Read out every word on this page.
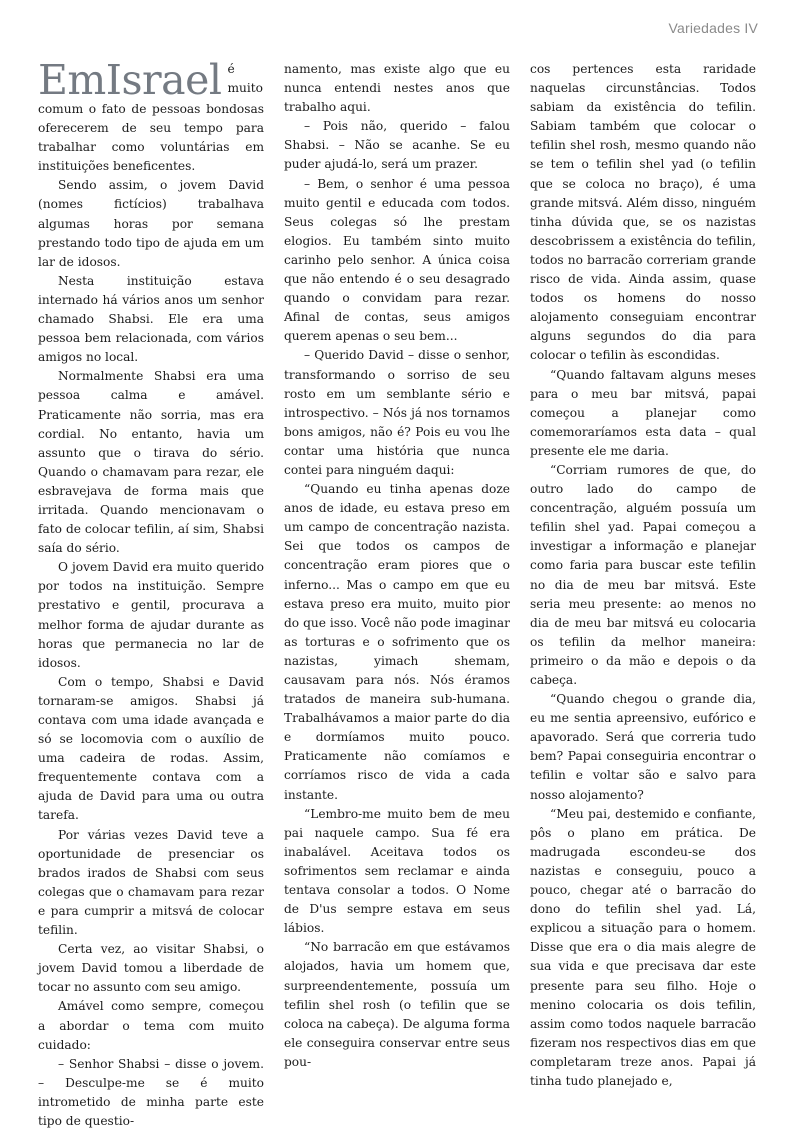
Variedades IV

EmIsrael é muito comum o fato de pessoas bondosas oferecerem de seu tempo para trabalhar como voluntárias em instituições beneficentes.

Sendo assim, o jovem David (nomes fictícios) trabalhava algumas horas por semana prestando todo tipo de ajuda em um lar de idosos.

Nesta instituição estava internado há vários anos um senhor chamado Shabsi. Ele era uma pessoa bem relacionada, com vários amigos no local.

Normalmente Shabsi era uma pessoa calma e amável. Praticamente não sorria, mas era cordial. No entanto, havia um assunto que o tirava do sério. Quando o chamavam para rezar, ele esbravejava de forma mais que irritada. Quando mencionavam o fato de colocar tefilin, aí sim, Shabsi saía do sério.

O jovem David era muito querido por todos na instituição. Sempre prestativo e gentil, procurava a melhor forma de ajudar durante as horas que permanecia no lar de idosos.

Com o tempo, Shabsi e David tornaram-se amigos. Shabsi já contava com uma idade avançada e só se locomovia com o auxílio de uma cadeira de rodas. Assim, frequentemente contava com a ajuda de David para uma ou outra tarefa.

Por várias vezes David teve a oportunidade de presenciar os brados irados de Shabsi com seus colegas que o chamavam para rezar e para cumprir a mitsvá de colocar tefilin.

Certa vez, ao visitar Shabsi, o jovem David tomou a liberdade de tocar no assunto com seu amigo.

Amável como sempre, começou a abordar o tema com muito cuidado:

– Senhor Shabsi – disse o jovem. – Desculpe-me se é muito intrometido de minha parte este tipo de questio-

namento, mas existe algo que eu nunca entendi nestes anos que trabalho aqui.

– Pois não, querido – falou Shabsi. – Não se acanhe. Se eu puder ajudá-lo, será um prazer.

– Bem, o senhor é uma pessoa muito gentil e educada com todos. Seus colegas só lhe prestam elogios. Eu também sinto muito carinho pelo senhor. A única coisa que não entendo é o seu desagrado quando o convidam para rezar. Afinal de contas, seus amigos querem apenas o seu bem...

– Querido David – disse o senhor, transformando o sorriso de seu rosto em um semblante sério e introspectivo. – Nós já nos tornamos bons amigos, não é? Pois eu vou lhe contar uma história que nunca contei para ninguém daqui:

“Quando eu tinha apenas doze anos de idade, eu estava preso em um campo de concentração nazista. Sei que todos os campos de concentração eram piores que o inferno... Mas o campo em que eu estava preso era muito, muito pior do que isso. Você não pode imaginar as torturas e o sofrimento que os nazistas, yimach shemam, causavam para nós. Nós éramos tratados de maneira sub-humana. Trabalhávamos a maior parte do dia e dormíamos muito pouco. Praticamente não comíamos e corríamos risco de vida a cada instante.

“Lembro-me muito bem de meu pai naquele campo. Sua fé era inabalável. Aceitava todos os sofrimentos sem reclamar e ainda tentava consolar a todos. O Nome de D'us sempre estava em seus lábios.

“No barracão em que estávamos alojados, havia um homem que, surpreendentemente, possuía um tefilin shel rosh (o tefilin que se coloca na cabeça). De alguma forma ele conseguira conservar entre seus pou-

cos pertences esta raridade naquelas circunstâncias. Todos sabiam da existência do tefilin. Sabiam também que colocar o tefilin shel rosh, mesmo quando não se tem o tefilin shel yad (o tefilin que se coloca no braço), é uma grande mitsvá. Além disso, ninguém tinha dúvida que, se os nazistas descobrissem a existência do tefilin, todos no barracão correriam grande risco de vida. Ainda assim, quase todos os homens do nosso alojamento conseguiam encontrar alguns segundos do dia para colocar o tefilin às escondidas.

“Quando faltavam alguns meses para o meu bar mitsvá, papai começou a planejar como comemoraríamos esta data – qual presente ele me daria.

“Corriam rumores de que, do outro lado do campo de concentração, alguém possuía um tefilin shel yad. Papai começou a investigar a informação e planejar como faria para buscar este tefilin no dia de meu bar mitsvá. Este seria meu presente: ao menos no dia de meu bar mitsvá eu colocaria os tefilin da melhor maneira: primeiro o da mão e depois o da cabeça.

“Quando chegou o grande dia, eu me sentia apreensivo, eufórico e apavorado. Será que correria tudo bem? Papai conseguiria encontrar o tefilin e voltar são e salvo para nosso alojamento?

“Meu pai, destemido e confiante, pôs o plano em prática. De madrugada escondeu-se dos nazistas e conseguiu, pouco a pouco, chegar até o barracão do dono do tefilin shel yad. Lá, explicou a situação para o homem. Disse que era o dia mais alegre de sua vida e que precisava dar este presente para seu filho. Hoje o menino colocaria os dois tefilin, assim como todos naquele barracão fizeram nos respectivos dias em que completaram treze anos. Papai já tinha tudo planejado e,
